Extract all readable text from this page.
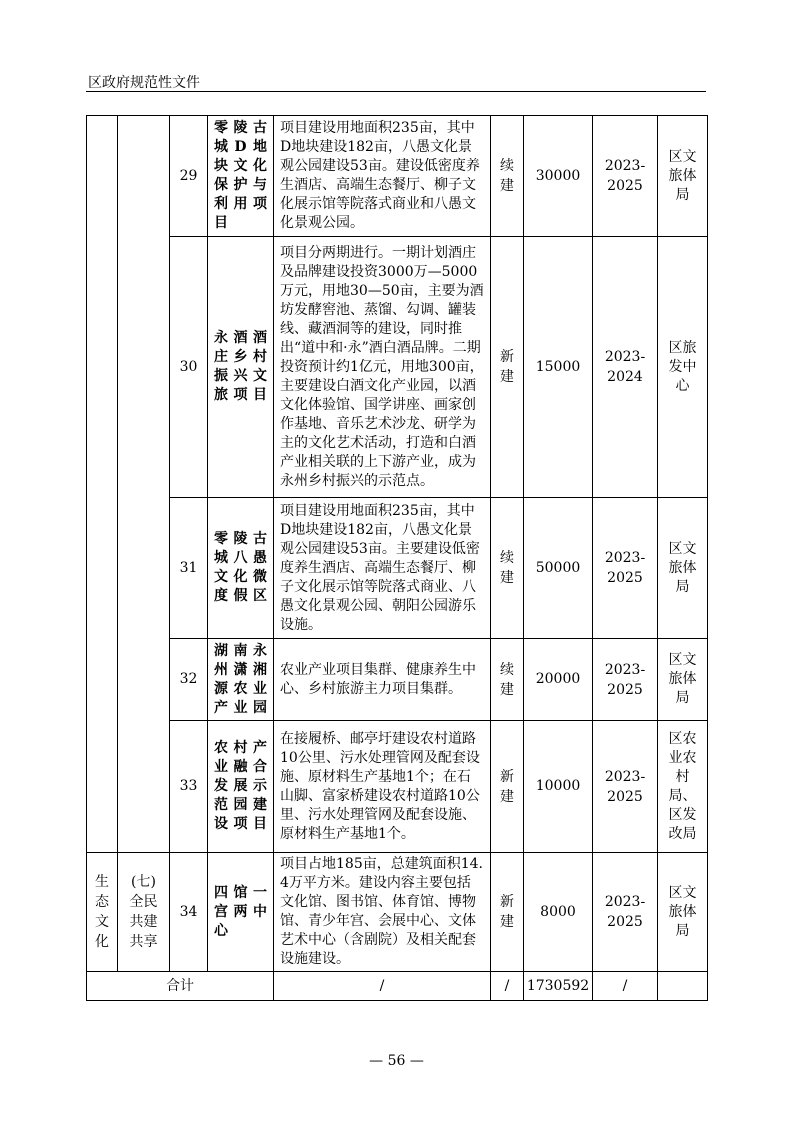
区政府规范性文件
		29	零陵古城D地块文化保护与利用项目	项目建设用地面积235亩，其中D地块建设182亩，八愚文化景观公园建设53亩。建设低密度养生酒店、高端生态餐厅、柳子文化展示馆等院落式商业和八愚文化景观公园。	续建	30000	2023-2025	区文旅体局
		30	永酒酒庄乡村振兴文旅项目	项目分两期进行。一期计划酒庄及品牌建设投资3000万—5000万元，用地30—50亩，主要为酒坊发酵窖池、蒸馏、勾调、罐装线、藏酒洞等的建设，同时推出“道中和·永”酒白酒品牌。二期投资预计约1亿元，用地300亩，主要建设白酒文化产业园，以酒文化体验馆、国学讲座、画家创作基地、音乐艺术沙龙、研学为主的文化艺术活动，打造和白酒产业相关联的上下游产业，成为永州乡村振兴的示范点。	新建	15000	2023-2024	区旅发中心
		31	零陵古城八愚文化微度假区	项目建设用地面积235亩，其中D地块建设182亩，八愚文化景观公园建设53亩。主要建设低密度养生酒店、高端生态餐厅、柳子文化展示馆等院落式商业、八愚文化景观公园、朝阳公园游乐设施。	续建	50000	2023-2025	区文旅体局
		32	湖南永州潇湘源农业产业园	农业产业项目集群、健康养生中心、乡村旅游主力项目集群。	续建	20000	2023-2025	区文旅体局
		33	农村产业融合发展示范园建设项目	在接履桥、邮亭圩建设农村道路10公里、污水处理管网及配套设施、原材料生产基地1个；在石山脚、富家桥建设农村道路10公里、污水处理管网及配套设施、原材料生产基地1个。	新建	10000	2023-2025	区农业农村局、区发改局
生态文化	(七)全民共建共享	34	四馆一宫两中心	项目占地185亩，总建筑面积14.4万平方米。建设内容主要包括文化馆、图书馆、体育馆、博物馆、青少年宫、会展中心、文体艺术中心（含剧院）及相关配套设施建设。	新建	8000	2023-2025	区文旅体局
合计				/	/	1730592	/	
— 56 —
